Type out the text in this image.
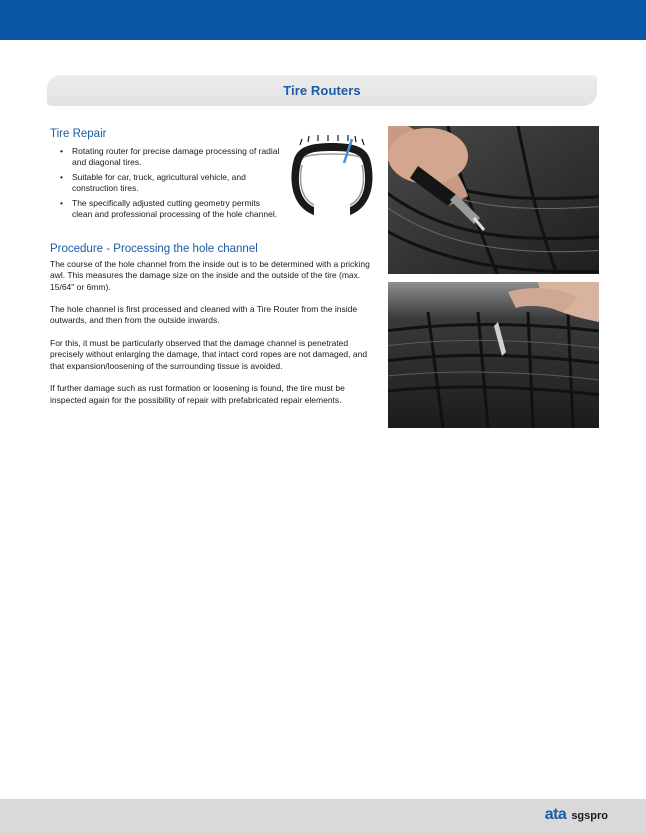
Tire Routers
Tire Repair
• Rotating router for precise damage processing of radial and diagonal tires.
• Suitable for car, truck, agricultural vehicle, and construction tires.
• The specifically adjusted cutting geometry permits clean and professional processing of the hole channel.
Procedure - Processing the hole channel

The course of the hole channel from the inside out is to be determined with a pricking awl. This measures the damage size on the inside and the outside of the tire (max. 15/64" or 6mm).

The hole channel is first processed and cleaned with a Tire Router from the inside outwards, and then from the outside inwards.

For this, it must be particularly observed that the damage channel is penetrated precisely without enlarging the damage, that intact cord ropes are not damaged, and that expansion/loosening of the surrounding tissue is avoided.

If further damage such as rust formation or loosening is found, the tire must be inspected again for the possibility of repair with prefabricated repair elements.

ata sgspro
